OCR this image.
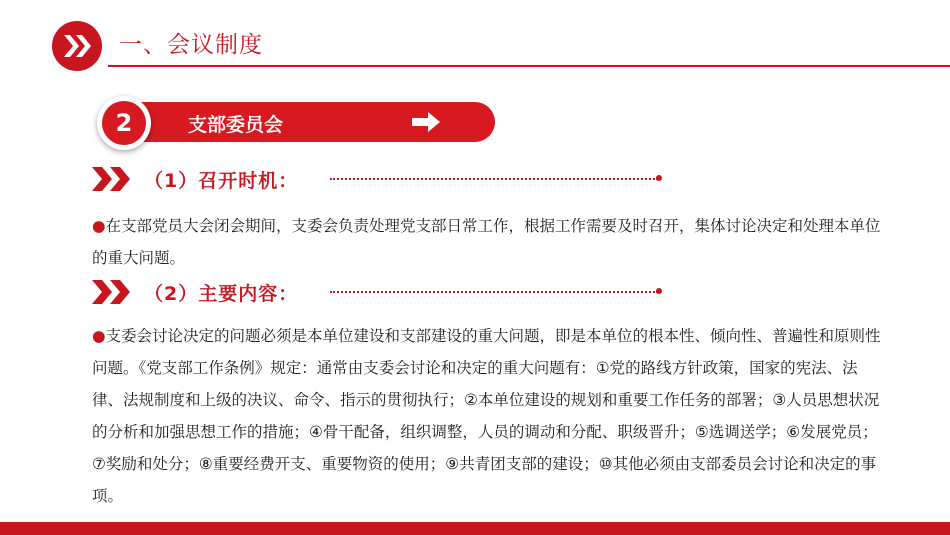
一、会议制度
2	支部委员会
（1）召开时机：
●在支部党员大会闭会期间，支委会负责处理党支部日常工作，根据工作需要及时召开，集体讨论决定和处理本单位的重大问题。
（2）主要内容：
●支委会讨论决定的问题必须是本单位建设和支部建设的重大问题，即是本单位的根本性、倾向性、普遍性和原则性问题。《党支部工作条例》规定：通常由支委会讨论和决定的重大问题有：①党的路线方针政策，国家的宪法、法律、法规制度和上级的决议、命令、指示的贯彻执行；②本单位建设的规划和重要工作任务的部署；③人员思想状况的分析和加强思想工作的措施；④骨干配备，组织调整，人员的调动和分配、职级晋升；⑤选调送学；⑥发展党员；⑦奖励和处分；⑧重要经费开支、重要物资的使用；⑨共青团支部的建设；⑩其他必须由支部委员会讨论和决定的事项。
